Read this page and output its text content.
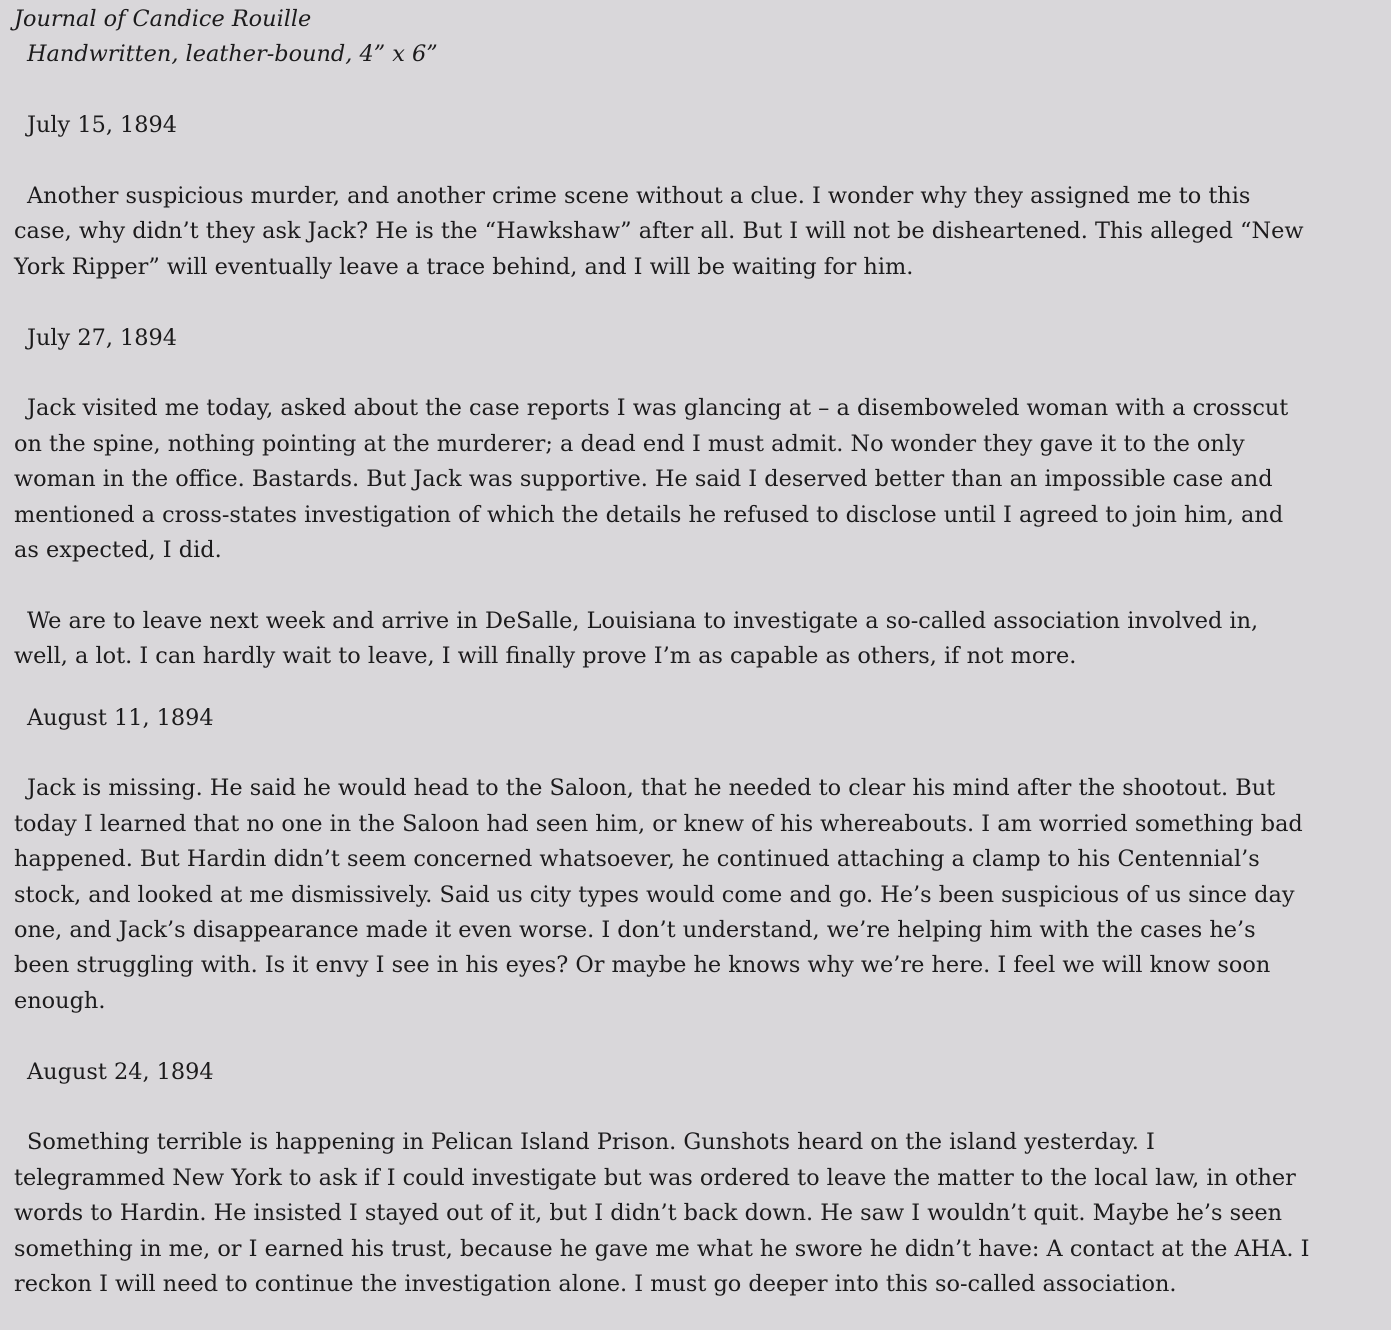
Journal of Candice Rouille
Handwritten, leather-bound, 4” x 6”
July 15, 1894
Another suspicious murder, and another crime scene without a clue. I wonder why they assigned me to this
case, why didn’t they ask Jack? He is the “Hawkshaw” after all. But I will not be disheartened. This alleged “New
York Ripper” will eventually leave a trace behind, and I will be waiting for him.
July 27, 1894
Jack visited me today, asked about the case reports I was glancing at – a disemboweled woman with a crosscut
on the spine, nothing pointing at the murderer; a dead end I must admit. No wonder they gave it to the only
woman in the office. Bastards. But Jack was supportive. He said I deserved better than an impossible case and
mentioned a cross-states investigation of which the details he refused to disclose until I agreed to join him, and
as expected, I did.
We are to leave next week and arrive in DeSalle, Louisiana to investigate a so-called association involved in,
well, a lot. I can hardly wait to leave, I will finally prove I’m as capable as others, if not more.
August 11, 1894
Jack is missing. He said he would head to the Saloon, that he needed to clear his mind after the shootout. But
today I learned that no one in the Saloon had seen him, or knew of his whereabouts. I am worried something bad
happened. But Hardin didn’t seem concerned whatsoever, he continued attaching a clamp to his Centennial’s
stock, and looked at me dismissively. Said us city types would come and go. He’s been suspicious of us since day
one, and Jack’s disappearance made it even worse. I don’t understand, we’re helping him with the cases he’s
been struggling with. Is it envy I see in his eyes? Or maybe he knows why we’re here. I feel we will know soon
enough.
August 24, 1894
Something terrible is happening in Pelican Island Prison. Gunshots heard on the island yesterday. I
telegrammed New York to ask if I could investigate but was ordered to leave the matter to the local law, in other
words to Hardin. He insisted I stayed out of it, but I didn’t back down. He saw I wouldn’t quit. Maybe he’s seen
something in me, or I earned his trust, because he gave me what he swore he didn’t have: A contact at the AHA. I
reckon I will need to continue the investigation alone. I must go deeper into this so-called association.
